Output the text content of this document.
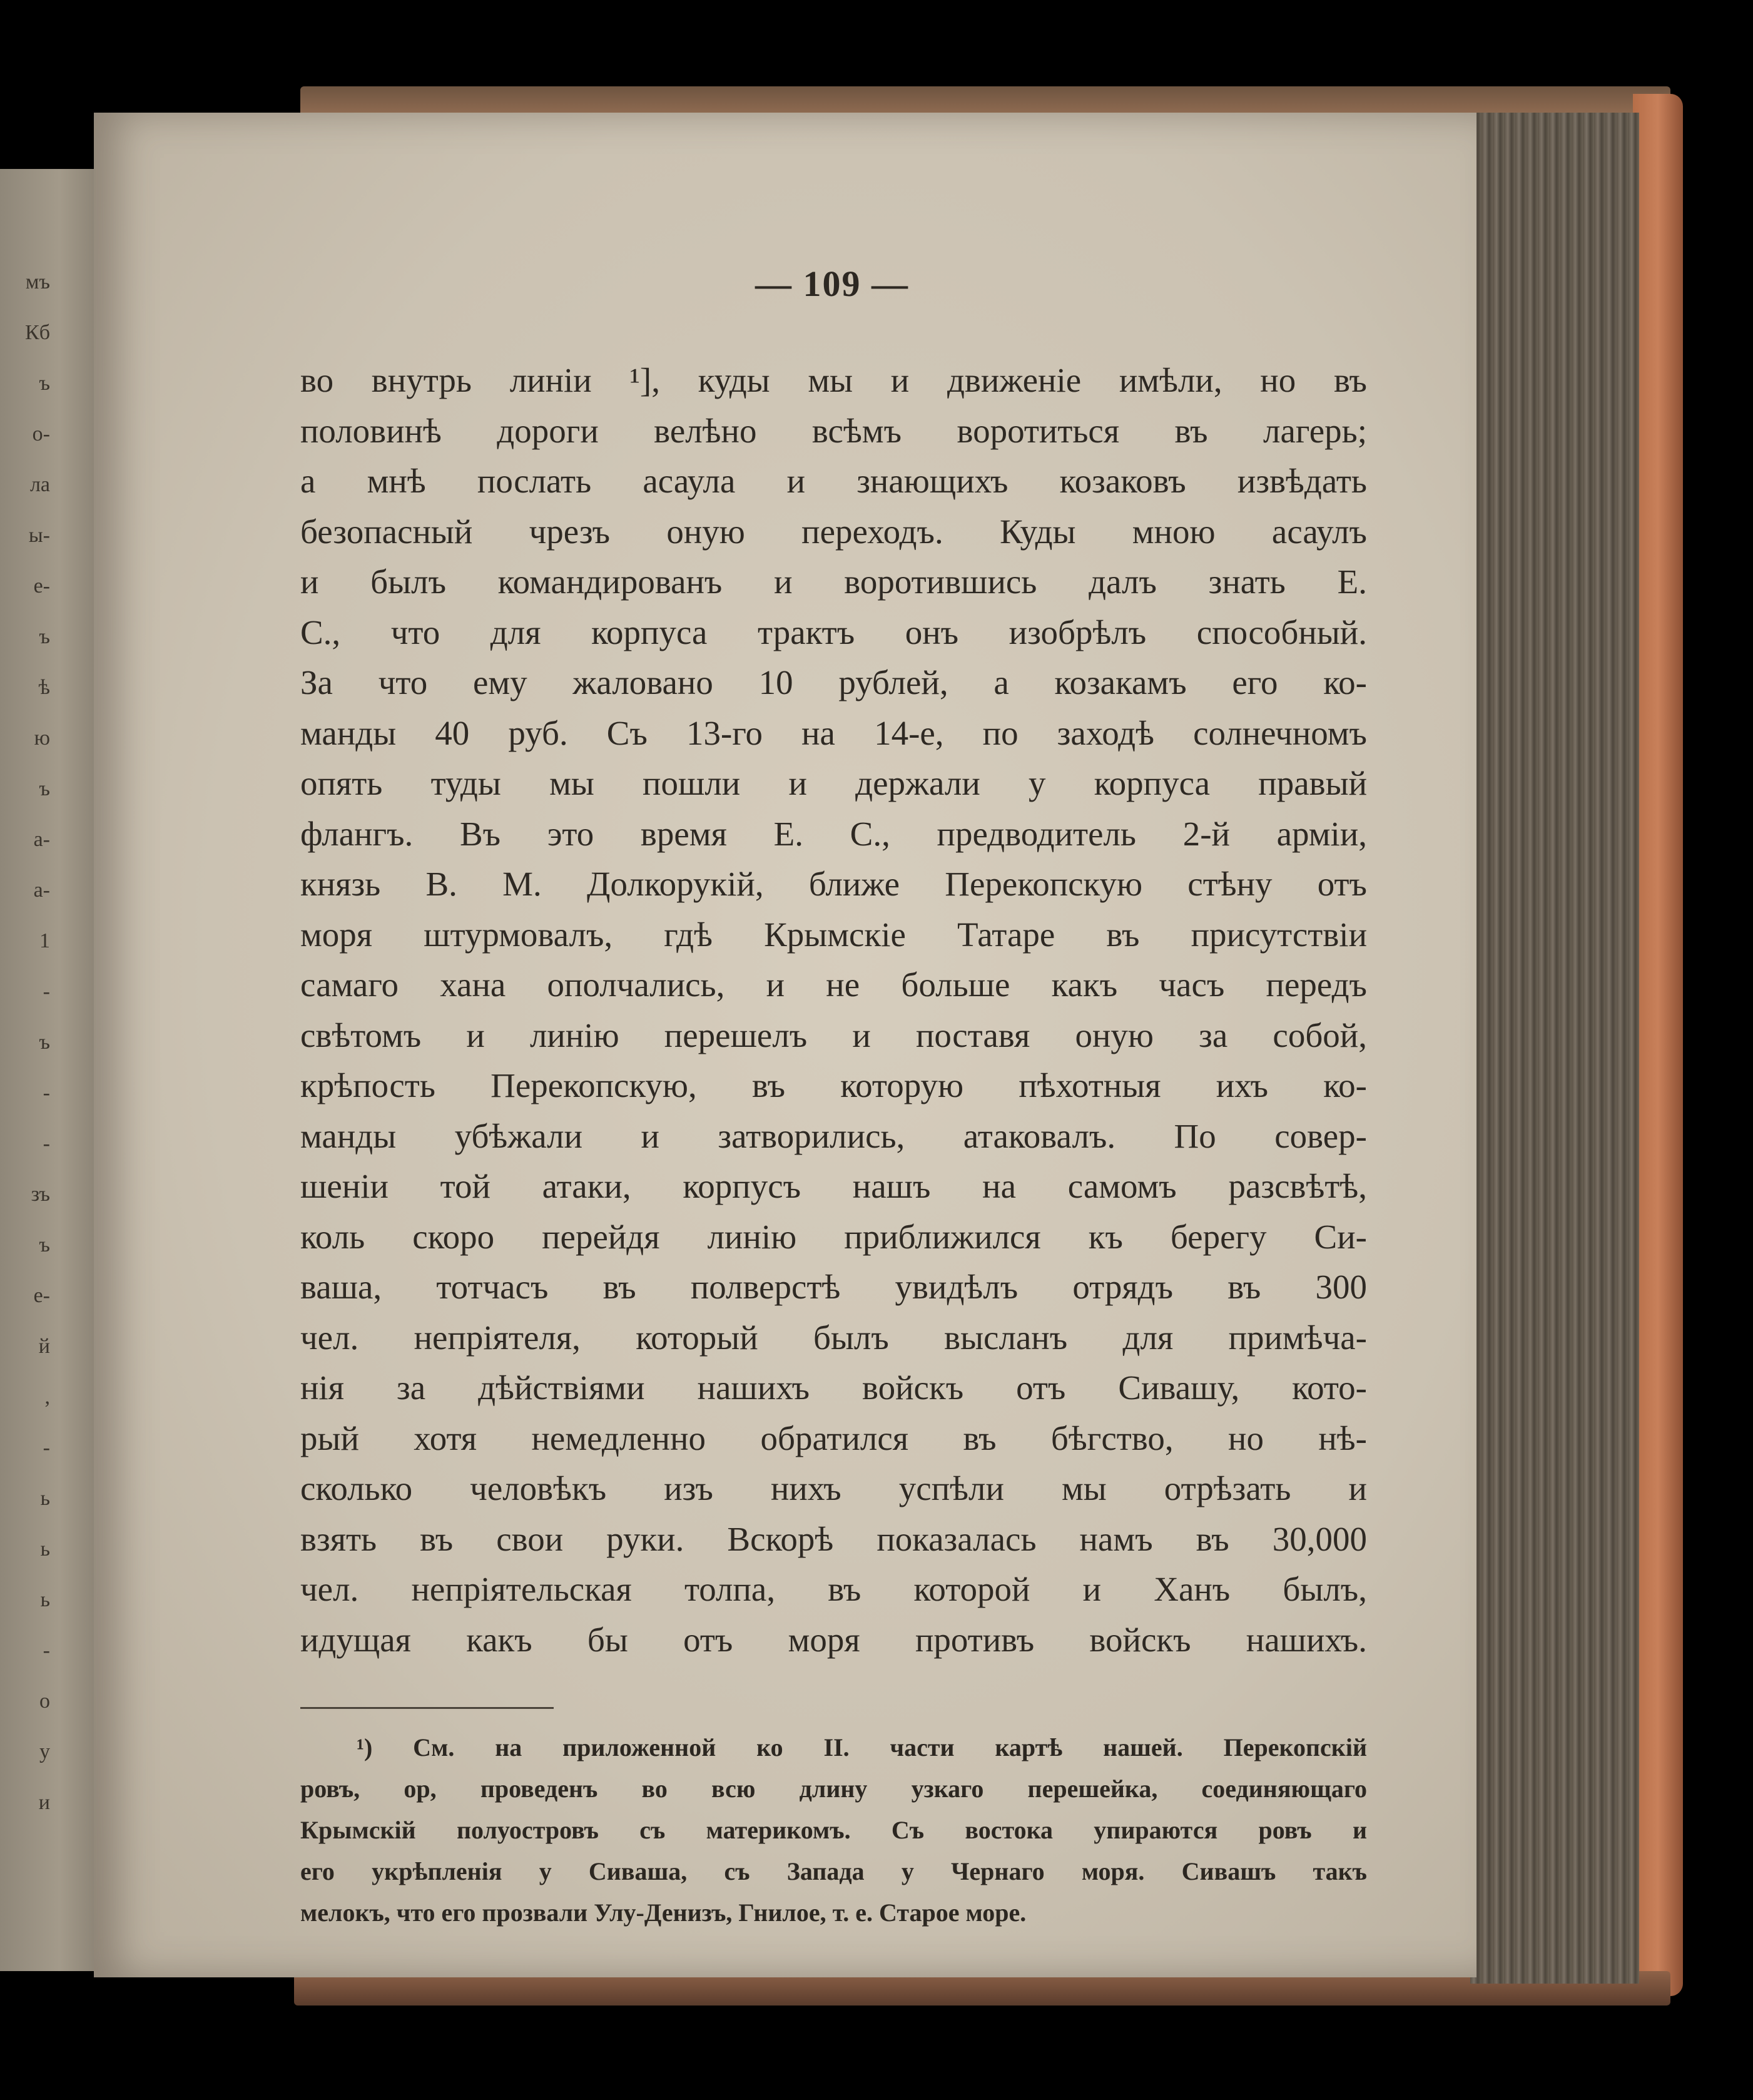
мъ
Кб
ъ
о-
ла
ы-
е-
ъ
ѣ
ю
ъ
а-
а-
1
-
ъ
-
-
зъ
ъ
е-
й
,
-
ь
ь
ь
-
о
у
и
— 109 —
во внутрь линіи ¹], куды мы и движеніе имѣли, но въ
половинѣ дороги велѣно всѣмъ воротиться въ лагерь;
а мнѣ послать асаула и знающихъ козаковъ извѣдать
безопасный чрезъ оную переходъ. Куды мною асаулъ
и былъ командированъ и воротившись далъ знать Е.
С., что для корпуса трактъ онъ изобрѣлъ способный.
За что ему жаловано 10 рублей, а козакамъ его ко-
манды 40 руб. Съ 13-го на 14-е, по заходѣ солнечномъ
опять туды мы пошли и держали у корпуса правый
флангъ. Въ это время Е. С., предводитель 2-й арміи,
князь В. М. Долкорукій, ближе Перекопскую стѣну отъ
моря штурмовалъ, гдѣ Крымскіе Татаре въ присутствіи
самаго хана ополчались, и не больше какъ часъ передъ
свѣтомъ и линію перешелъ и поставя оную за собой,
крѣпость Перекопскую, въ которую пѣхотныя ихъ ко-
манды убѣжали и затворились, атаковалъ. По совер-
шеніи той атаки, корпусъ нашъ на самомъ разсвѣтѣ,
коль скоро перейдя линію приближился къ берегу Си-
ваша, тотчасъ въ полверстѣ увидѣлъ отрядъ въ 300
чел. непріятеля, который былъ высланъ для примѣча-
нія за дѣйствіями нашихъ войскъ отъ Сивашу, кото-
рый хотя немедленно обратился въ бѣгство, но нѣ-
сколько человѣкъ изъ нихъ успѣли мы отрѣзать и
взять въ свои руки. Вскорѣ показалась намъ въ 30,000
чел. непріятельская толпа, въ которой и Ханъ былъ,
идущая какъ бы отъ моря противъ войскъ нашихъ.
¹) См. на приложенной ко II. части картѣ нашей. Перекопскій
ровъ, ор, проведенъ во всю длину узкаго перешейка, соединяющаго
Крымскій полуостровъ съ материкомъ. Съ востока упираются ровъ и
его укрѣпленія у Сиваша, съ Запада у Чернаго моря. Сивашъ такъ
мелокъ, что его прозвали Улу-Денизъ, Гнилое, т. е. Старое море.
